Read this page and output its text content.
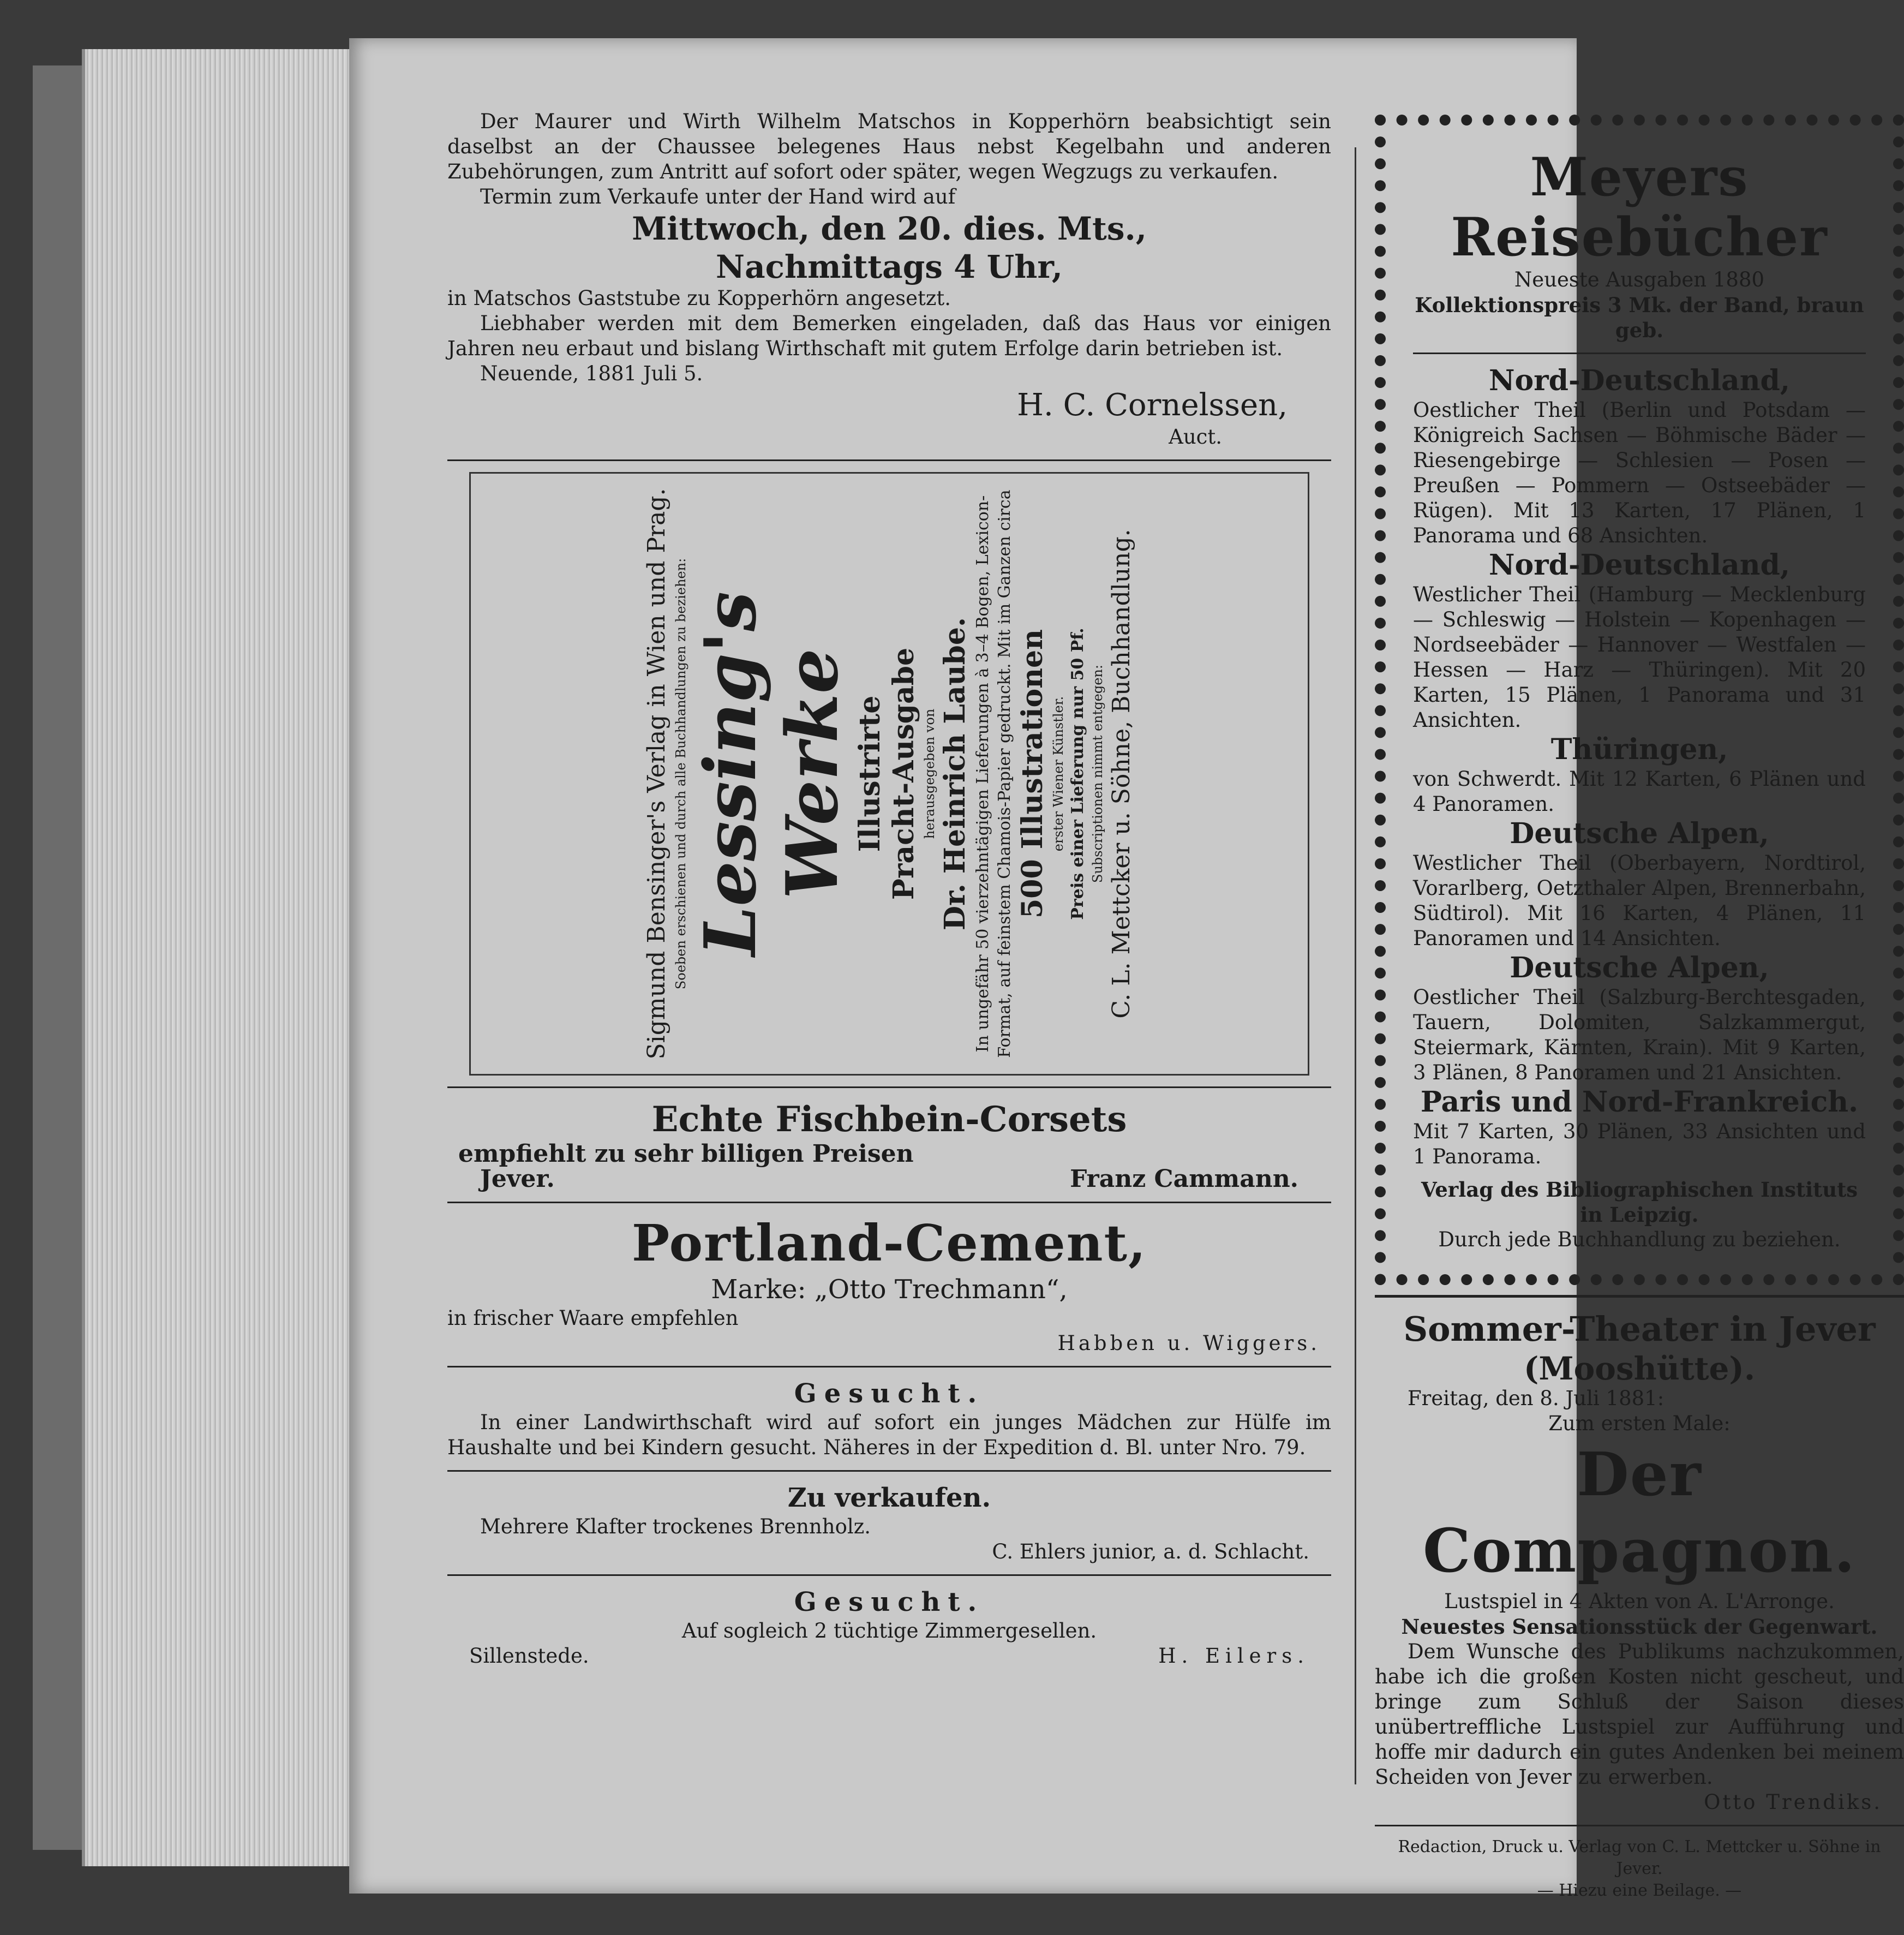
Der Maurer und Wirth Wilhelm Matschos in Kopperhörn beabsichtigt sein daselbst an der Chaussee belegenes Haus nebst Kegelbahn und anderen Zubehörungen, zum Antritt auf sofort oder später, wegen Wegzugs zu verkaufen.

Termin zum Verkaufe unter der Hand wird auf

Mittwoch, den 20. dies. Mts.,

Nachmittags 4 Uhr,

in Matschos Gaststube zu Kopperhörn angesetzt.

Liebhaber werden mit dem Bemerken eingeladen, daß das Haus vor einigen Jahren neu erbaut und bislang Wirthschaft mit gutem Erfolge darin betrieben ist.

Neuende, 1881 Juli 5.

H. C. Cornelssen,

Auct.

Sigmund Bensinger's Verlag in Wien und Prag. Soeben erschienen und durch alle Buchhandlungen zu beziehen: Lessing's Werke Illustrirte Pracht-Ausgabe herausgegeben von Dr. Heinrich Laube. In ungefähr 50 vierzehntägigen Lieferungen à 3–4 Bogen, Lexicon-Format, auf feinstem Chamois-Papier gedruckt. Mit im Ganzen circa 500 Illustrationen erster Wiener Künstler. Preis einer Lieferung nur 50 Pf. Subscriptionen nimmt entgegen: C. L. Mettcker u. Söhne, Buchhandlung.

Echte Fischbein-Corsets

empfiehlt zu sehr billigen Preisen

Jever.	Franz Cammann.

Portland-Cement,

Marke: „Otto Trechmann“,

in frischer Waare empfehlen

Habben u. Wiggers.

Gesucht.

In einer Landwirthschaft wird auf sofort ein junges Mädchen zur Hülfe im Haushalte und bei Kindern gesucht. Näheres in der Expedition d. Bl. unter Nro. 79.

Zu verkaufen.

Mehrere Klafter trockenes Brennholz.

C. Ehlers junior, a. d. Schlacht.

Gesucht.

Auf sogleich 2 tüchtige Zimmergesellen.

Sillenstede.	H. Eilers.

Meyers Reisebücher

Neueste Ausgaben 1880

Kollektionspreis 3 Mk. der Band, braun geb.

Nord-Deutschland,

Oestlicher Theil (Berlin und Potsdam — Königreich Sachsen — Böhmische Bäder — Riesengebirge — Schlesien — Posen — Preußen — Pommern — Ostseebäder — Rügen). Mit 13 Karten, 17 Plänen, 1 Panorama und 68 Ansichten.

Nord-Deutschland,

Westlicher Theil (Hamburg — Mecklenburg — Schleswig — Holstein — Kopenhagen — Nordseebäder — Hannover — Westfalen — Hessen — Harz — Thüringen). Mit 20 Karten, 15 Plänen, 1 Panorama und 31 Ansichten.

Thüringen,

von Schwerdt. Mit 12 Karten, 6 Plänen und 4 Panoramen.

Deutsche Alpen,

Westlicher Theil (Oberbayern, Nordtirol, Vorarlberg, Oetzthaler Alpen, Brennerbahn, Südtirol). Mit 16 Karten, 4 Plänen, 11 Panoramen und 14 Ansichten.

Deutsche Alpen,

Oestlicher Theil (Salzburg-Berchtesgaden, Tauern, Dolomiten, Salzkammergut, Steiermark, Kärnten, Krain). Mit 9 Karten, 3 Plänen, 8 Panoramen und 21 Ansichten.

Paris und Nord-Frankreich.

Mit 7 Karten, 30 Plänen, 33 Ansichten und 1 Panorama.

Verlag des Bibliographischen Instituts in Leipzig.

Durch jede Buchhandlung zu beziehen.

Sommer-Theater in Jever

(Mooshütte).

Freitag, den 8. Juli 1881:

Zum ersten Male:

Der Compagnon.

Lustspiel in 4 Akten von A. L'Arronge.

Neuestes Sensationsstück der Gegenwart.

Dem Wunsche des Publikums nachzukommen, habe ich die großen Kosten nicht gescheut, und bringe zum Schluß der Saison dieses unübertreffliche Lustspiel zur Aufführung und hoffe mir dadurch ein gutes Andenken bei meinem Scheiden von Jever zu erwerben.

Otto Trendiks.

Redaction, Druck u. Verlag von C. L. Mettcker u. Söhne in Jever.

— Hiezu eine Beilage. —
